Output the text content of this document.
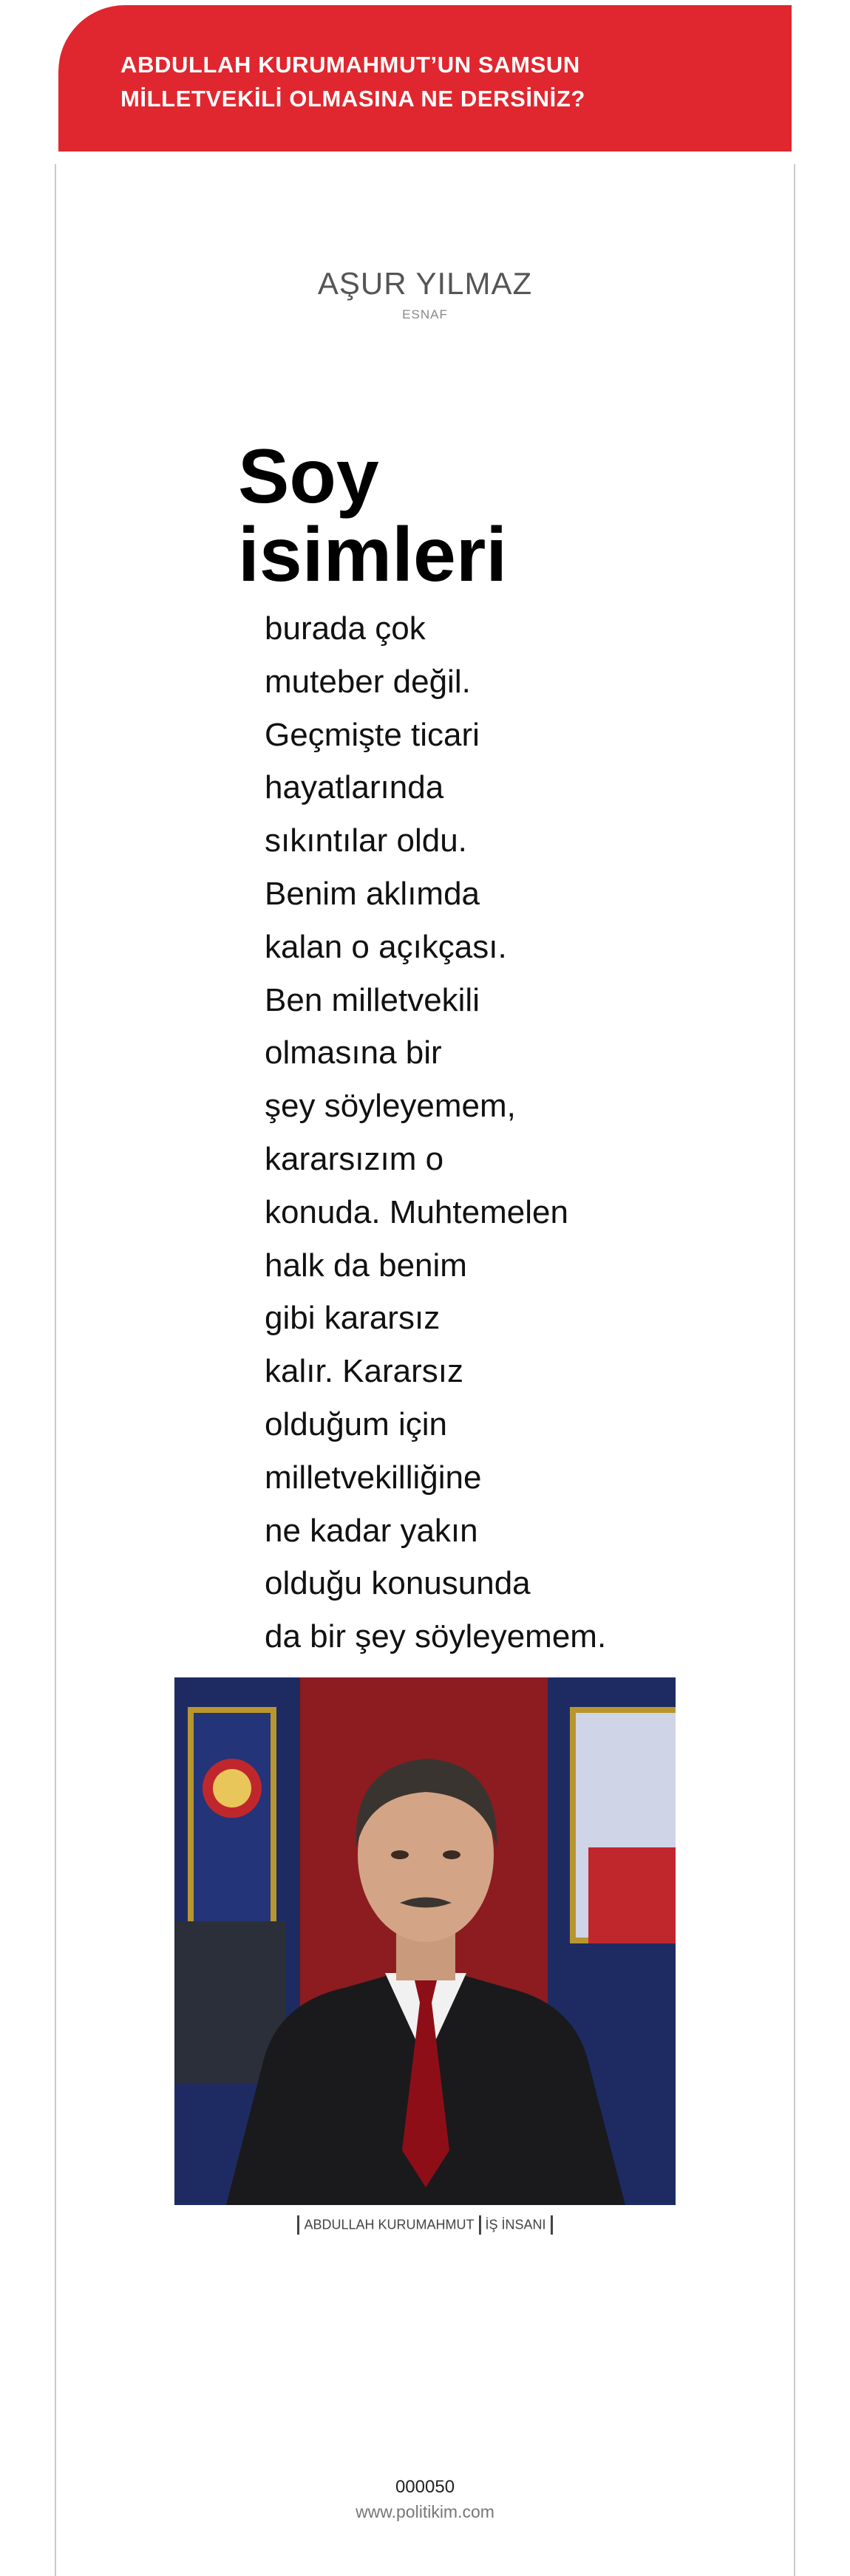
ABDULLAH KURUMAHMUT’UN SAMSUN
MİLLETVEKİLİ OLMASINA NE DERSİNİZ?
AŞUR YILMAZ
ESNAF
Soy
isimleri
burada çok
muteber değil.
Geçmişte ticari
hayatlarında
sıkıntılar oldu.
Benim aklımda
kalan o açıkçası.
Ben milletvekili
olmasına bir
şey söyleyemem,
kararsızım o
konuda. Muhtemelen
halk da benim
gibi kararsız
kalır. Kararsız
olduğum için
milletvekilliğine
ne kadar yakın
olduğu konusunda
da bir şey söyleyemem.
ABDULLAH KURUMAHMUT İŞ İNSANI
000050
www.politikim.com
